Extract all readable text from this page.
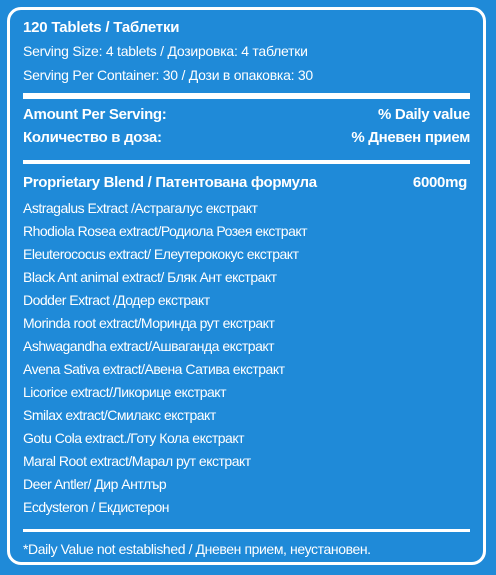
120 Tablets / Таблетки
Serving Size: 4 tablets / Дозировка: 4 таблетки
Serving Per Container: 30 / Дози в опаковка: 30
Amount Per Serving:	% Daily value
Количество в доза:	% Дневен прием
Proprietary Blend / Патентована формула	6000mg
Astragalus Extract /Астрагалус екстракт
Rhodiola Rosea extract/Родиола Розея екстракт
Eleuterococus extract/ Елеутерококус екстракт
Black Ant animal extract/ Бляк Ант екстракт
Dodder Extract /Додер екстракт
Morinda root extract/Моринда рут екстракт
Ashwagandha extract/Ашваганда екстракт
Avena Sativa extract/Авена Сатива екстракт
Licorice extract/Ликорице екстракт
Smilax extract/Смилакс екстракт
Gotu Cola extract./Готу Кола екстракт
Maral Root extract/Марал рут екстракт
Deer Antler/ Дир Антлър
Ecdysteron / Екдистерон
*Daily Value not established / Дневен прием, неустановен.
